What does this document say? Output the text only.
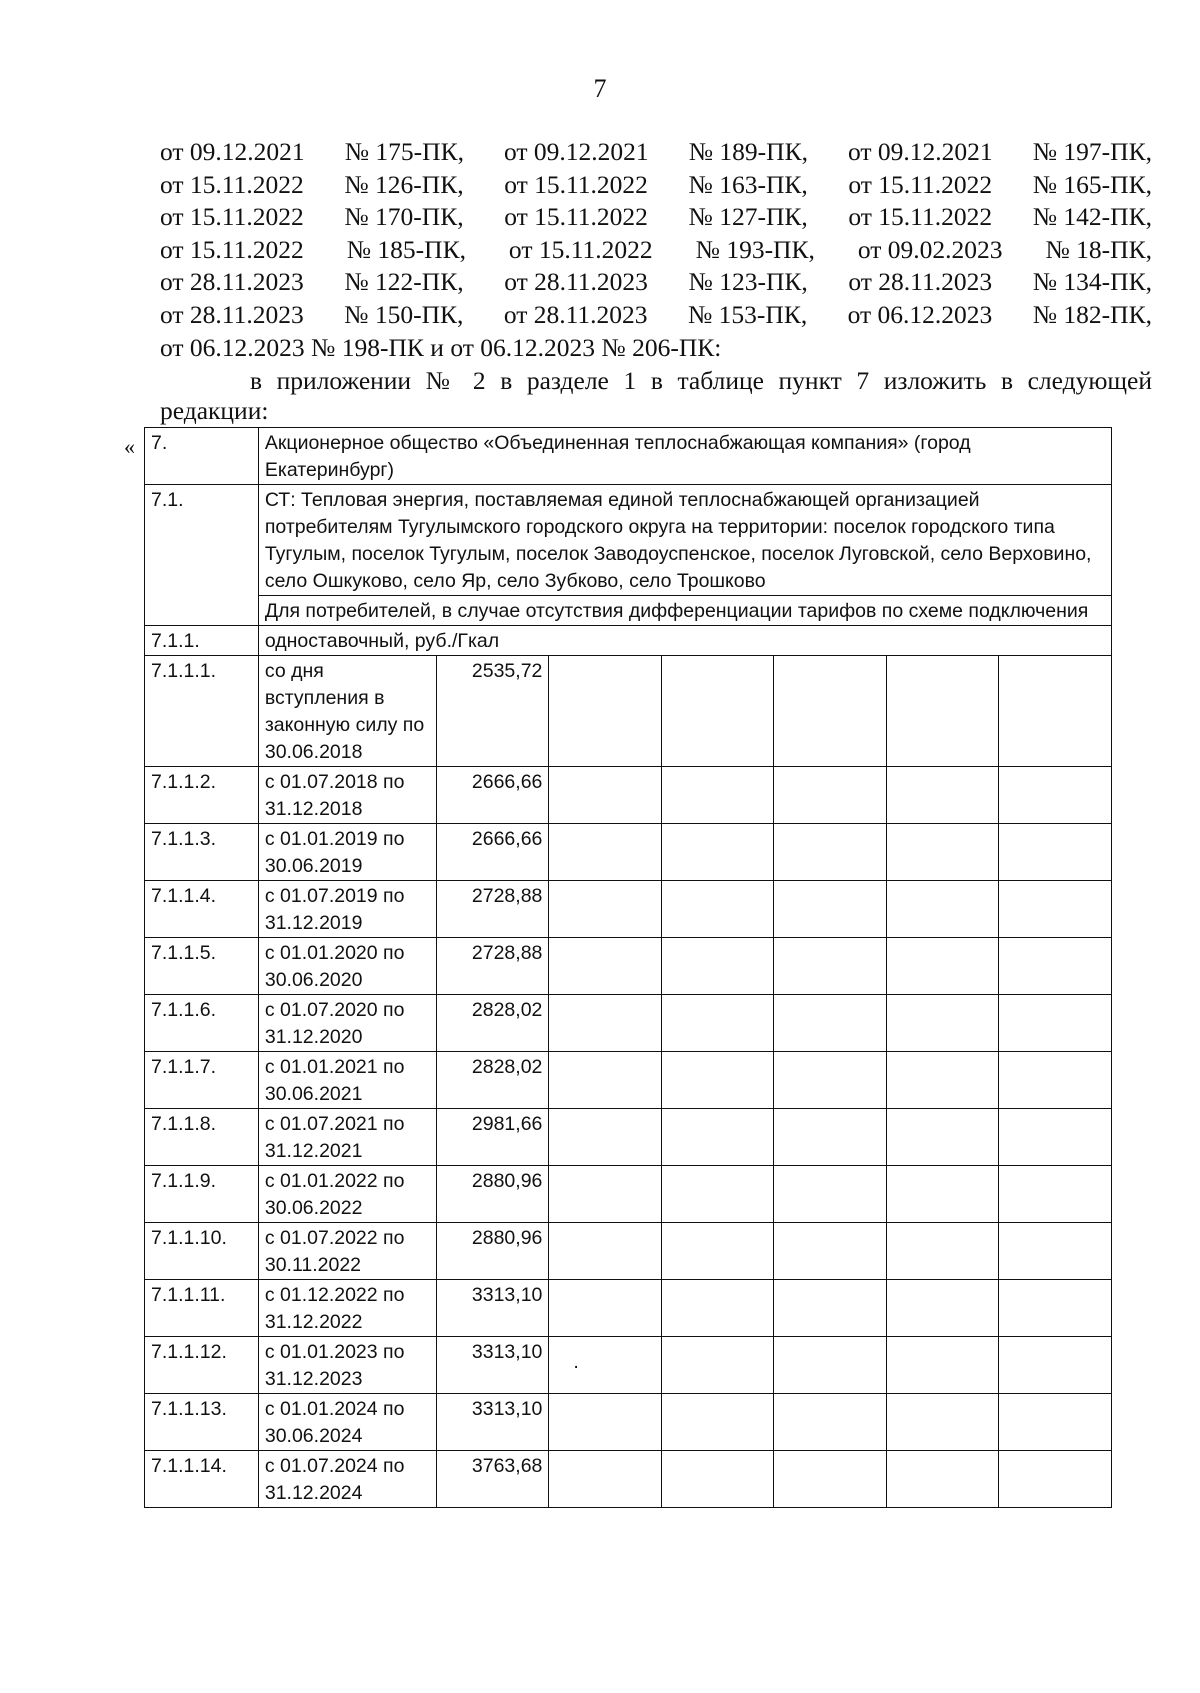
7
от 09.12.2021 № 175-ПК, от 09.12.2021 № 189-ПК, от 09.12.2021 № 197-ПК,
от 15.11.2022 № 126-ПК, от 15.11.2022 № 163-ПК, от 15.11.2022 № 165-ПК,
от 15.11.2022 № 170-ПК, от 15.11.2022 № 127-ПК, от 15.11.2022 № 142-ПК,
от 15.11.2022 № 185-ПК, от 15.11.2022 № 193-ПК, от 09.02.2023 № 18-ПК,
от 28.11.2023 № 122-ПК, от 28.11.2023 № 123-ПК, от 28.11.2023 № 134-ПК,
от 28.11.2023 № 150-ПК, от 28.11.2023 № 153-ПК, от 06.12.2023 № 182-ПК,
от 06.12.2023 № 198-ПК и от 06.12.2023 № 206-ПК:
в приложении № 2 в разделе 1 в таблице пункт 7 изложить в следующей
редакции:
« 7.	Акционерное общество «Объединенная теплоснабжающая компания» (город Екатеринбург)						
7.1.	СТ: Тепловая энергия, поставляемая единой теплоснабжающей организацией потребителям Тугулымского городского округа на территории: поселок городского типа Тугулым, поселок Тугулым, поселок Заводоуспенское, поселок Луговской, село Верховино, село Ошкуково, село Яр, село Зубково, село Трошково						
	Для потребителей, в случае отсутствия дифференциации тарифов по схеме подключения						
7.1.1.	одноставочный, руб./Гкал						
7.1.1.1.	со дня вступления в законную силу по 30.06.2018	2535,72					
7.1.1.2.	с 01.07.2018 по 31.12.2018	2666,66					
7.1.1.3.	с 01.01.2019 по 30.06.2019	2666,66					
7.1.1.4.	с 01.07.2019 по 31.12.2019	2728,88					
7.1.1.5.	с 01.01.2020 по 30.06.2020	2728,88					
7.1.1.6.	с 01.07.2020 по 31.12.2020	2828,02					
7.1.1.7.	с 01.01.2021 по 30.06.2021	2828,02					
7.1.1.8.	с 01.07.2021 по 31.12.2021	2981,66					
7.1.1.9.	с 01.01.2022 по 30.06.2022	2880,96					
7.1.1.10.	с 01.07.2022 по 30.11.2022	2880,96					
7.1.1.11.	с 01.12.2022 по 31.12.2022	3313,10					
7.1.1.12.	с 01.01.2023 по 31.12.2023	3313,10	.				
7.1.1.13.	с 01.01.2024 по 30.06.2024	3313,10					
7.1.1.14.	с 01.07.2024 по 31.12.2024	3763,68					
